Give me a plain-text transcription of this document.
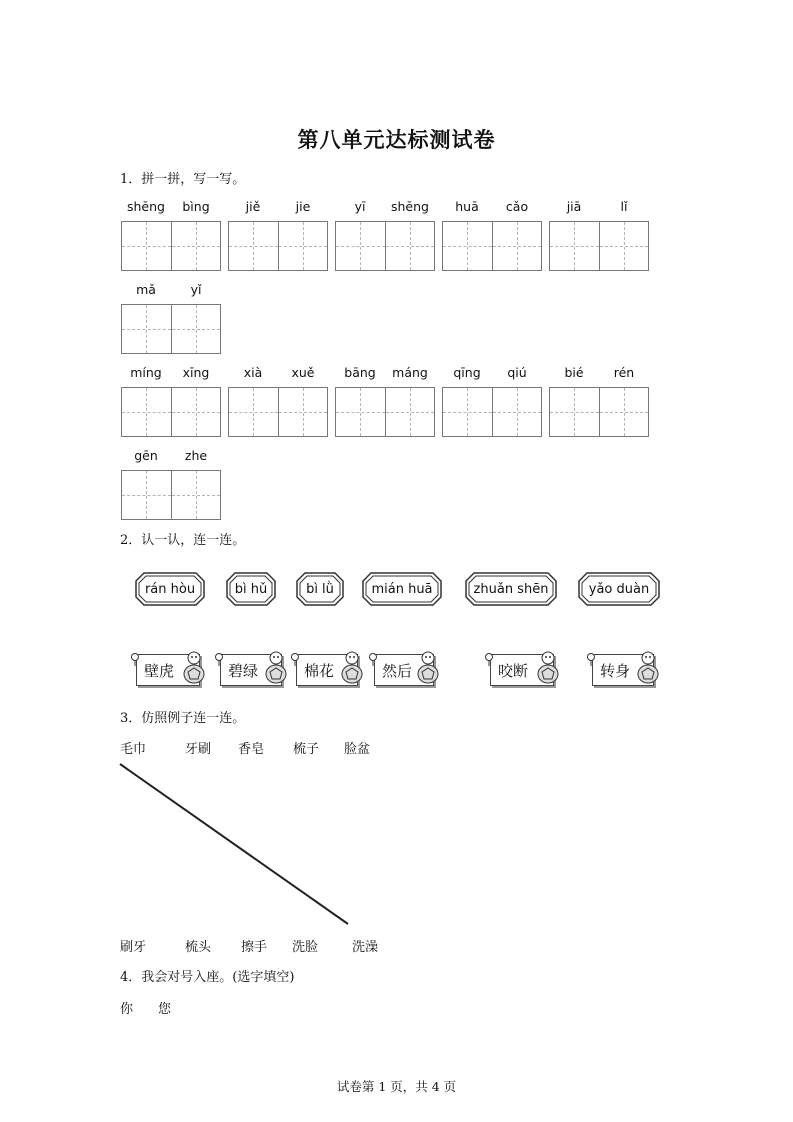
第八单元达标测试卷
1．拼一拼，写一写。
shēng	bìng	jiě	jie	yī	shēng	huā	cǎo	jiā	lǐ
mǎ	yǐ
míng	xīng	xià	xuě	bāng	máng	qīng	qiú	bié	rén
gēn	zhe
2．认一认，连一连。
rán hòu	bì hǔ	bì lǜ	mián huā	zhuǎn shēn	yǎo duàn
壁虎	碧绿	棉花	然后	咬断	转身
3．仿照例子连一连。
毛巾	牙刷 香皂 梳子 脸盆
刷牙	梳头 擦手 洗脸	洗澡
4．我会对号入座。(选字填空)
你 您
试卷第 1 页，共 4 页
